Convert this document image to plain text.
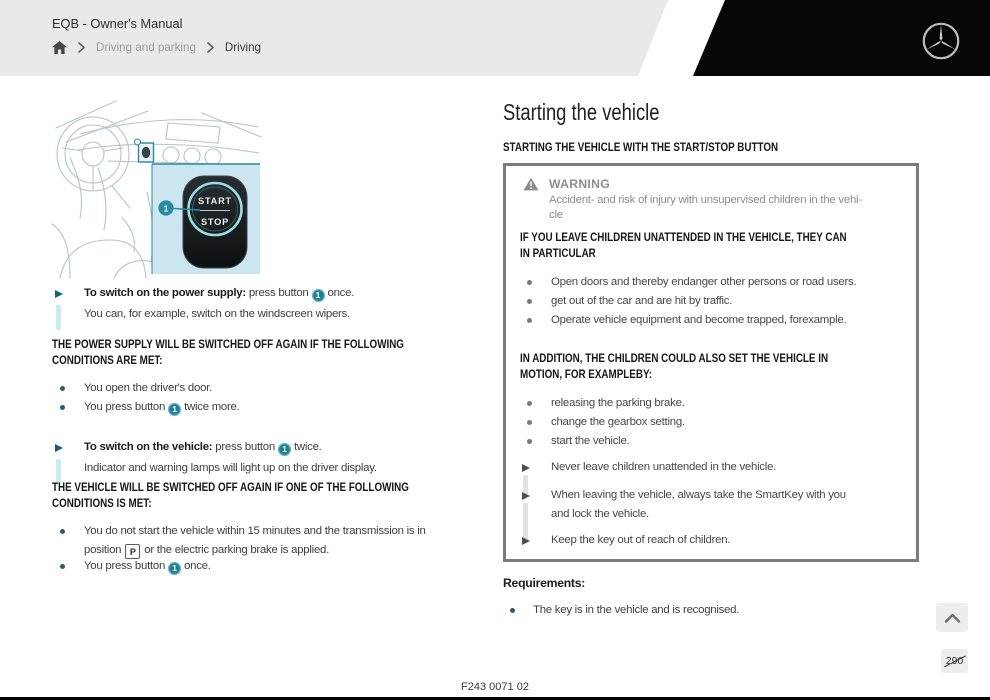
EQB - Owner's Manual
Driving and parking	Driving
START
STOP
1
To switch on the power supply: press button 1 once.
You can, for example, switch on the windscreen wipers.
THE POWER SUPPLY WILL BE SWITCHED OFF AGAIN IF THE FOLLOWING
CONDITIONS ARE MET:
You open the driver's door.
You press button 1 twice more.
To switch on the vehicle: press button 1 twice.
Indicator and warning lamps will light up on the driver display.
THE VEHICLE WILL BE SWITCHED OFF AGAIN IF ONE OF THE FOLLOWING
CONDITIONS IS MET:
You do not start the vehicle within 15 minutes and the transmission is in
position P or the electric parking brake is applied.
You press button 1 once.
Starting the vehicle
STARTING THE VEHICLE WITH THE START/STOP BUTTON
WARNING
Accident- and risk of injury with unsupervised children in the vehi-
cle
IF YOU LEAVE CHILDREN UNATTENDED IN THE VEHICLE, THEY CAN
IN PARTICULAR
Open doors and thereby endanger other persons or road users.
get out of the car and are hit by traffic.
Operate vehicle equipment and become trapped, forexample.
IN ADDITION, THE CHILDREN COULD ALSO SET THE VEHICLE IN
MOTION, FOR EXAMPLEBY:
releasing the parking brake.
change the gearbox setting.
start the vehicle.
Never leave children unattended in the vehicle.
When leaving the vehicle, always take the SmartKey with you
and lock the vehicle.
Keep the key out of reach of children.
Requirements:
The key is in the vehicle and is recognised.
290
F243 0071 02
